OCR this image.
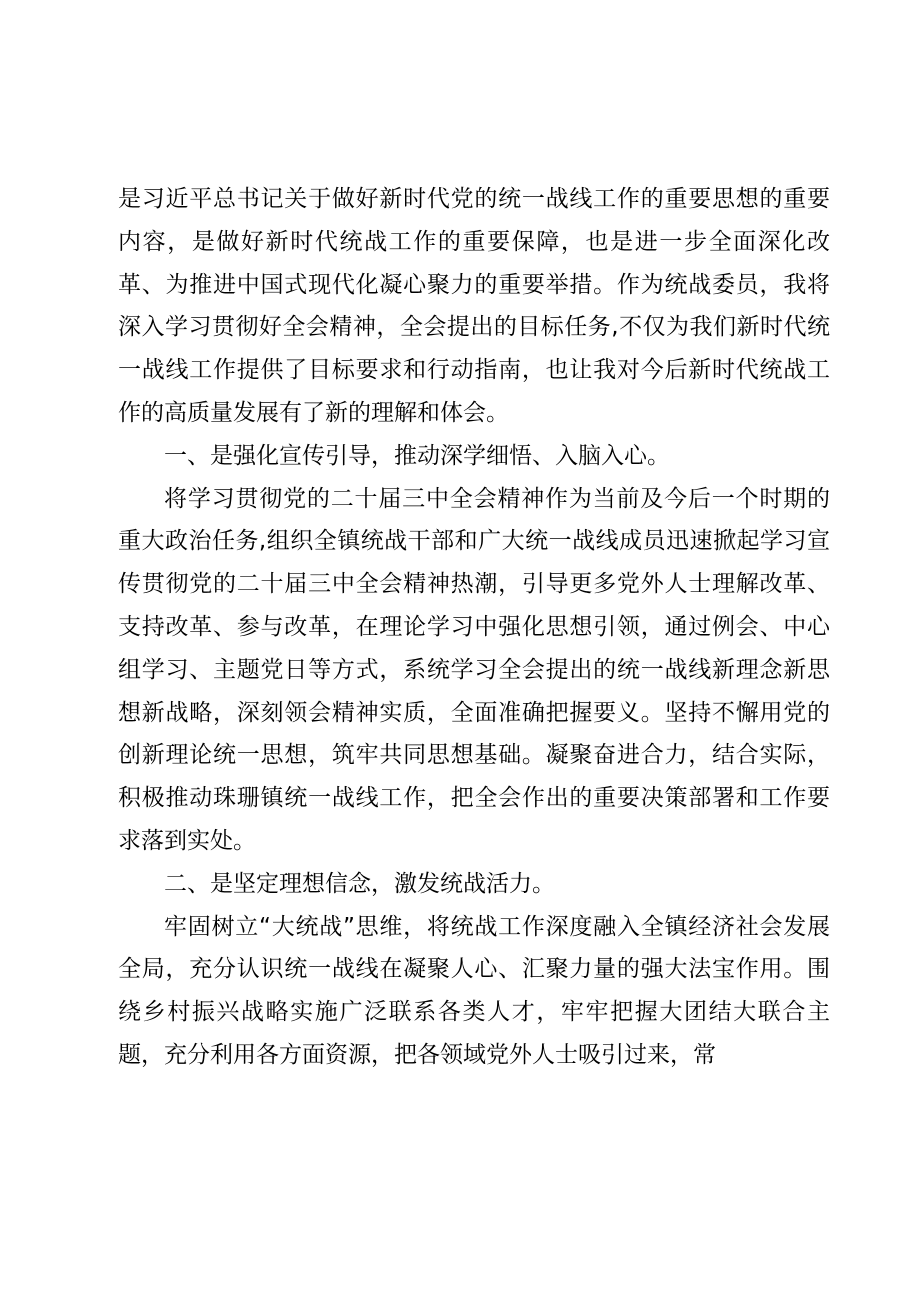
是习近平总书记关于做好新时代党的统一战线工作的重要思想的重要内容，是做好新时代统战工作的重要保障，也是进一步全面深化改革、为推进中国式现代化凝心聚力的重要举措。作为统战委员，我将深入学习贯彻好全会精神，全会提出的目标任务,不仅为我们新时代统一战线工作提供了目标要求和行动指南，也让我对今后新时代统战工作的高质量发展有了新的理解和体会。

一、是强化宣传引导，推动深学细悟、入脑入心。

将学习贯彻党的二十届三中全会精神作为当前及今后一个时期的重大政治任务,组织全镇统战干部和广大统一战线成员迅速掀起学习宣传贯彻党的二十届三中全会精神热潮，引导更多党外人士理解改革、支持改革、参与改革，在理论学习中强化思想引领，通过例会、中心组学习、主题党日等方式，系统学习全会提出的统一战线新理念新思想新战略，深刻领会精神实质，全面准确把握要义。坚持不懈用党的创新理论统一思想，筑牢共同思想基础。凝聚奋进合力，结合实际，积极推动珠珊镇统一战线工作，把全会作出的重要决策部署和工作要求落到实处。

二、是坚定理想信念，激发统战活力。

牢固树立“大统战”思维，将统战工作深度融入全镇经济社会发展全局，充分认识统一战线在凝聚人心、汇聚力量的强大法宝作用。围绕乡村振兴战略实施广泛联系各类人才，牢牢把握大团结大联合主题，充分利用各方面资源，把各领域党外人士吸引过来，常
